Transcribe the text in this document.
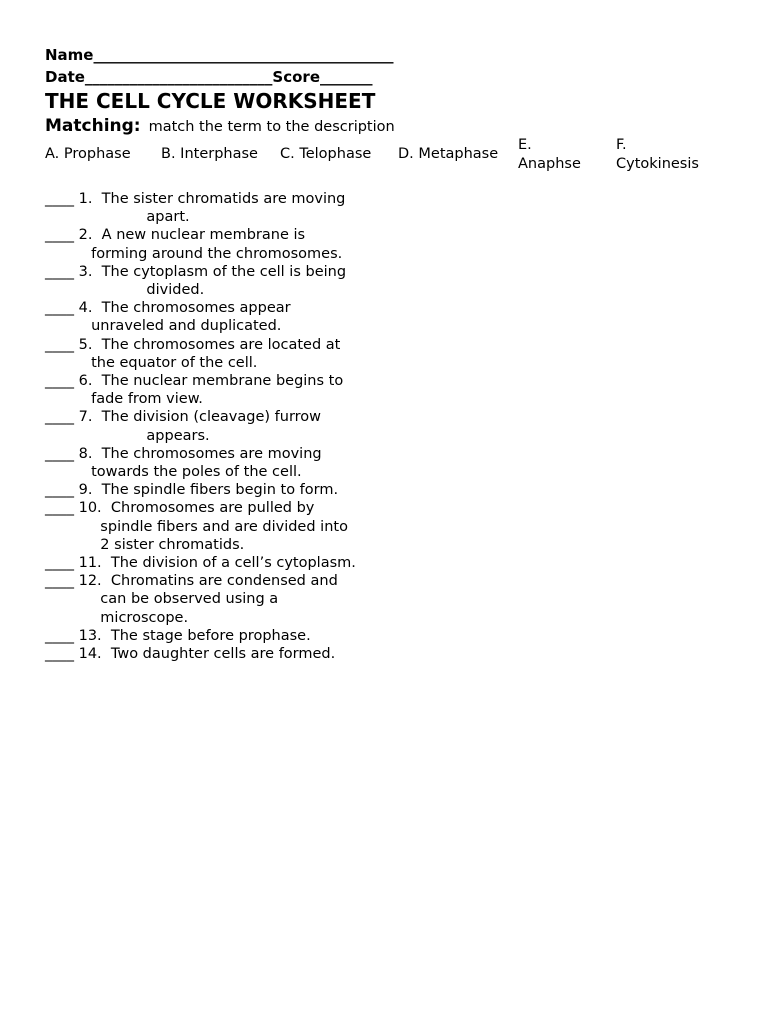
Name________________________________________
Date_________________________Score_______
THE CELL CYCLE WORKSHEET
Matching: match the term to the description
A. Prophase B. Interphase C. Telophase D. Metaphase
E. Anaphse
F. Cytokinesis
____ 1.  The sister chromatids are moving
apart.
____ 2.  A new nuclear membrane is
forming around the chromosomes.
____ 3.  The cytoplasm of the cell is being
divided.
____ 4.  The chromosomes appear
unraveled and duplicated.
____ 5.  The chromosomes are located at
the equator of the cell.
____ 6.  The nuclear membrane begins to
fade from view.
____ 7.  The division (cleavage) furrow
appears.
____ 8.  The chromosomes are moving
towards the poles of the cell.
____ 9.  The spindle fibers begin to form.
____ 10.  Chromosomes are pulled by
spindle fibers and are divided into
2 sister chromatids.
____ 11.  The division of a cell’s cytoplasm.
____ 12.  Chromatins are condensed and
can be observed using a
microscope.
____ 13.  The stage before prophase.
____ 14.  Two daughter cells are formed.
